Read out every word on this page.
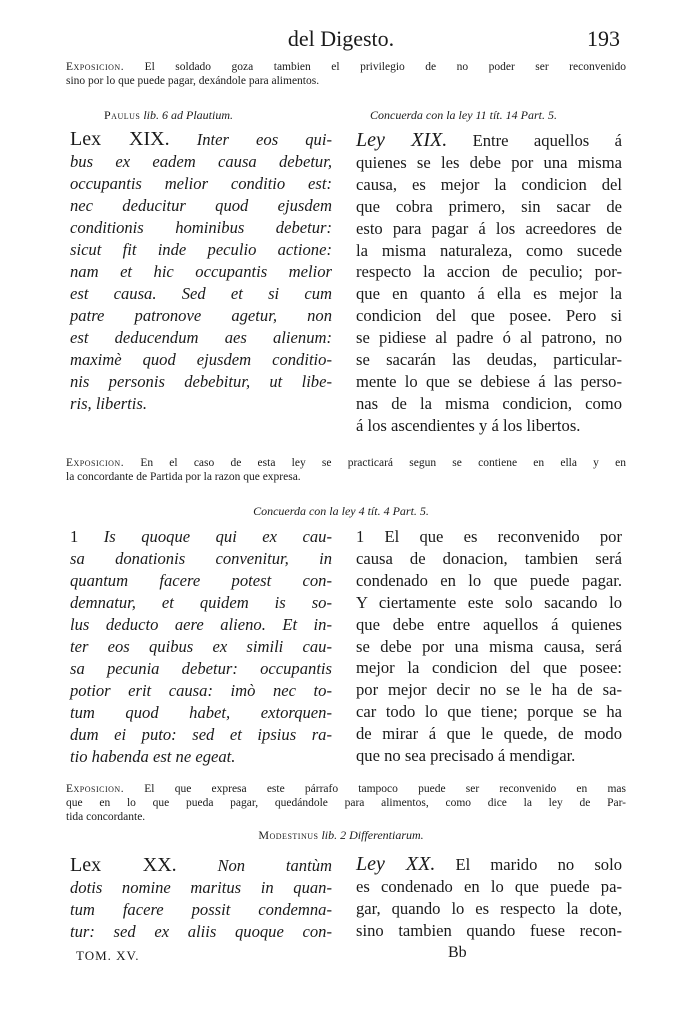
del Digesto.	193
Exposicion. El soldado goza tambien el privilegio de no poder ser reconvenido
sino por lo que puede pagar, dexándole para alimentos.
Paulus lib. 6 ad Plautium.	Concuerda con la ley 11 tít. 14 Part. 5.
Lex XIX. Inter eos qui-
bus ex eadem causa debetur,
occupantis melior conditio est:
nec deducitur quod ejusdem
conditionis hominibus debetur:
sicut fit inde peculio actione:
nam et hic occupantis melior
est causa. Sed et si cum
patre patronove agetur, non
est deducendum aes alienum:
maximè quod ejusdem conditio-
nis personis debebitur, ut libe-
ris, libertis.
Ley XIX. Entre aquellos á
quienes se les debe por una misma
causa, es mejor la condicion del
que cobra primero, sin sacar de
esto para pagar á los acreedores de
la misma naturaleza, como sucede
respecto la accion de peculio; por-
que en quanto á ella es mejor la
condicion del que posee. Pero si
se pidiese al padre ó al patrono, no
se sacarán las deudas, particular-
mente lo que se debiese á las perso-
nas de la misma condicion, como
á los ascendientes y á los libertos.
Exposicion. En el caso de esta ley se practicará segun se contiene en ella y en
la concordante de Partida por la razon que expresa.
Concuerda con la ley 4 tít. 4 Part. 5.
1 Is quoque qui ex cau-
sa donationis convenitur, in
quantum facere potest con-
demnatur, et quidem is so-
lus deducto aere alieno. Et in-
ter eos quibus ex simili cau-
sa pecunia debetur: occupantis
potior erit causa: imò nec to-
tum quod habet, extorquen-
dum ei puto: sed et ipsius ra-
tio habenda est ne egeat.
1 El que es reconvenido por
causa de donacion, tambien será
condenado en lo que puede pagar.
Y ciertamente este solo sacando lo
que debe entre aquellos á quienes
se debe por una misma causa, será
mejor la condicion del que posee:
por mejor decir no se le ha de sa-
car todo lo que tiene; porque se ha
de mirar á que le quede, de modo
que no sea precisado á mendigar.
Exposicion. El que expresa este párrafo tampoco puede ser reconvenido en mas
que en lo que pueda pagar, quedándole para alimentos, como dice la ley de Par-
tida concordante.
Modestinus lib. 2 Differentiarum.
Lex XX. Non tantùm
dotis nomine maritus in quan-
tum facere possit condemna-
tur: sed ex aliis quoque con-
Ley XX. El marido no solo
es condenado en lo que puede pa-
gar, quando lo es respecto la dote,
sino tambien quando fuese recon-
TOM. XV.	Bb
